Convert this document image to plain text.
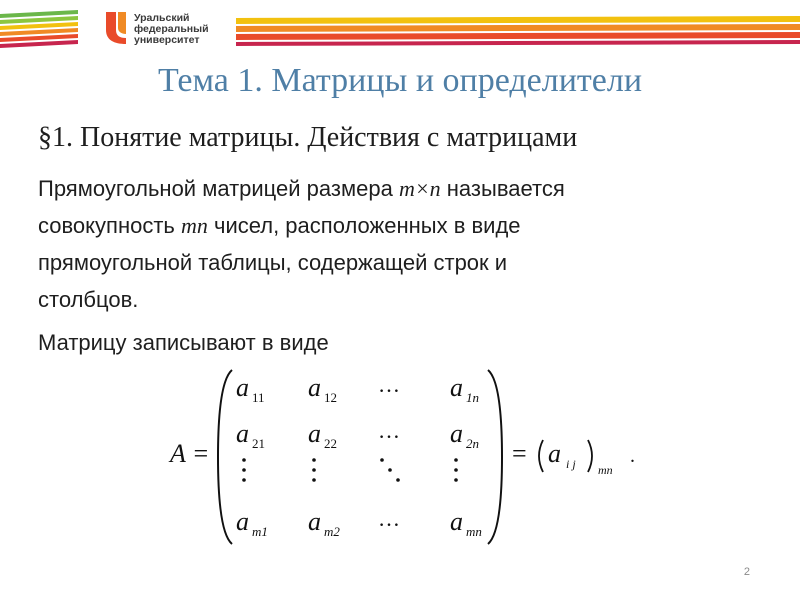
Уральский
федеральный
университет
Тема 1. Матрицы и определители
§1. Понятие матрицы. Действия с матрицами
Прямоугольной матрицей размера m×n называется
совокупность mn чисел, расположенных в виде
прямоугольной таблицы, содержащей строк и
столбцов.
Матрицу записывают в виде
A =
a 11 a 12
… a 1n
a 21 a 22
… a 2n
a m1 a m2
… a mn
= a i j mn
.
2
